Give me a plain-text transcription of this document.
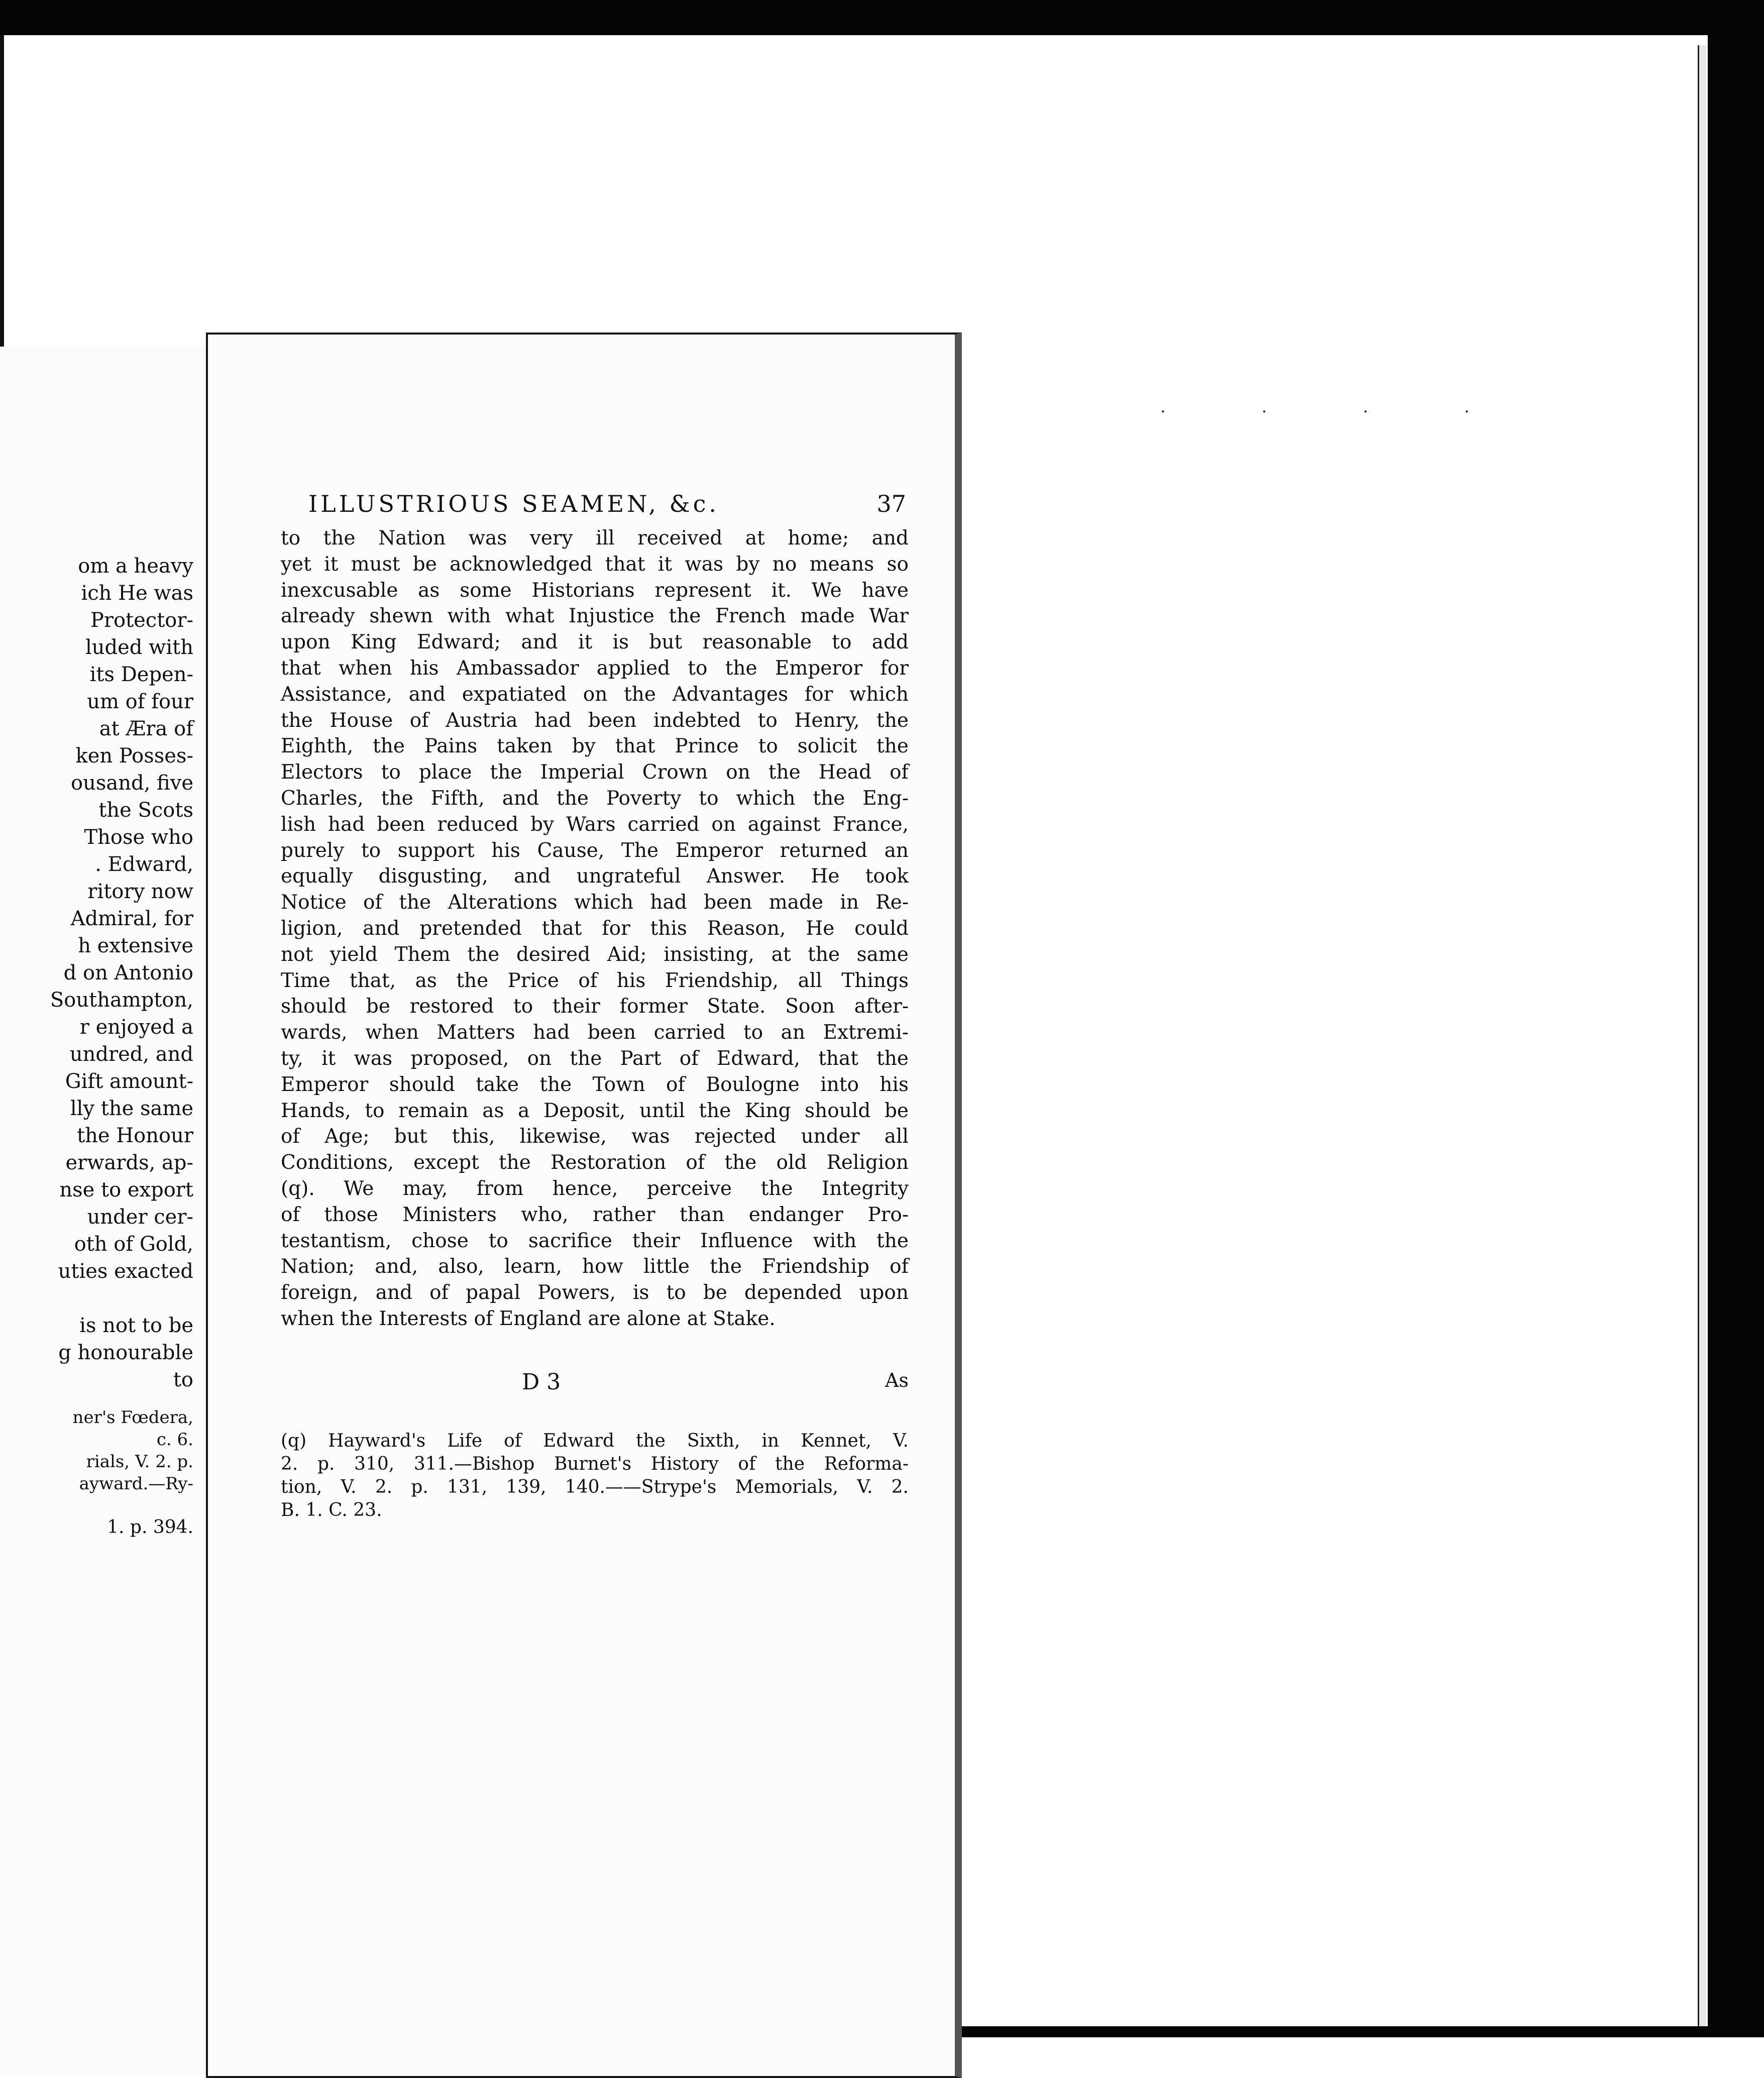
. . . .
om a heavy
ich He was
Protector-
luded with
its Depen-
um of four
at Æra of
ken Posses-
ousand, five
the Scots
Those who
. Edward,
ritory now
Admiral, for
h extensive
d on Antonio
Southampton,
r enjoyed a
undred, and
Gift amount-
lly the same
the Honour
erwards, ap-
nse to export
under cer-
oth of Gold,
uties exacted
is not to be
g honourable
to
ner's Fœdera,
c. 6.
rials, V. 2. p.
ayward.—Ry-
1. p. 394.
ILLUSTRIOUS SEAMEN, &c.	37
to the Nation was very ill received at home; and
yet it must be acknowledged that it was by no means so
inexcusable as some Historians represent it. We have
already shewn with what Injustice the French made War
upon King Edward; and it is but reasonable to add
that when his Ambassador applied to the Emperor for
Assistance, and expatiated on the Advantages for which
the House of Austria had been indebted to Henry, the
Eighth, the Pains taken by that Prince to solicit the
Electors to place the Imperial Crown on the Head of
Charles, the Fifth, and the Poverty to which the Eng-
lish had been reduced by Wars carried on against France,
purely to support his Cause, The Emperor returned an
equally disgusting, and ungrateful Answer. He took
Notice of the Alterations which had been made in Re-
ligion, and pretended that for this Reason, He could
not yield Them the desired Aid; insisting, at the same
Time that, as the Price of his Friendship, all Things
should be restored to their former State. Soon after-
wards, when Matters had been carried to an Extremi-
ty, it was proposed, on the Part of Edward, that the
Emperor should take the Town of Boulogne into his
Hands, to remain as a Deposit, until the King should be
of Age; but this, likewise, was rejected under all
Conditions, except the Restoration of the old Religion
(q). We may, from hence, perceive the Integrity
of those Ministers who, rather than endanger Pro-
testantism, chose to sacrifice their Influence with the
Nation; and, also, learn, how little the Friendship of
foreign, and of papal Powers, is to be depended upon
when the Interests of England are alone at Stake.
D 3	As
(q) Hayward's Life of Edward the Sixth, in Kennet, V.
2. p. 310, 311.—Bishop Burnet's History of the Reforma-
tion, V. 2. p. 131, 139, 140.——Strype's Memorials, V. 2.
B. 1. C. 23.
